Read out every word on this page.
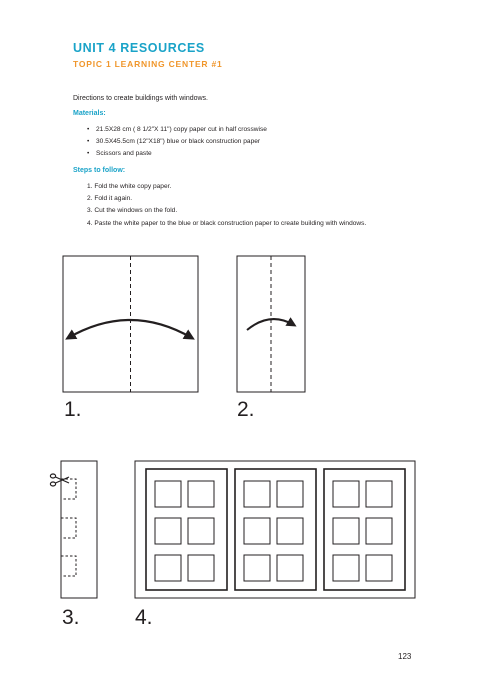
UNIT 4 RESOURCES
TOPIC 1 LEARNING CENTER #1
Directions to create buildings with windows.
Materials:
• 21.5X28 cm ( 8 1/2"X 11") copy paper cut in half crosswise
• 30.5X45.5cm (12"X18") blue or black construction paper
• Scissors and paste
Steps to follow:
1. Fold the white copy paper.
2. Fold it again.
3. Cut the windows on the fold.
4. Paste the white paper to the blue or black construction paper to create building with windows.
1.	2.
3.	4.
123
